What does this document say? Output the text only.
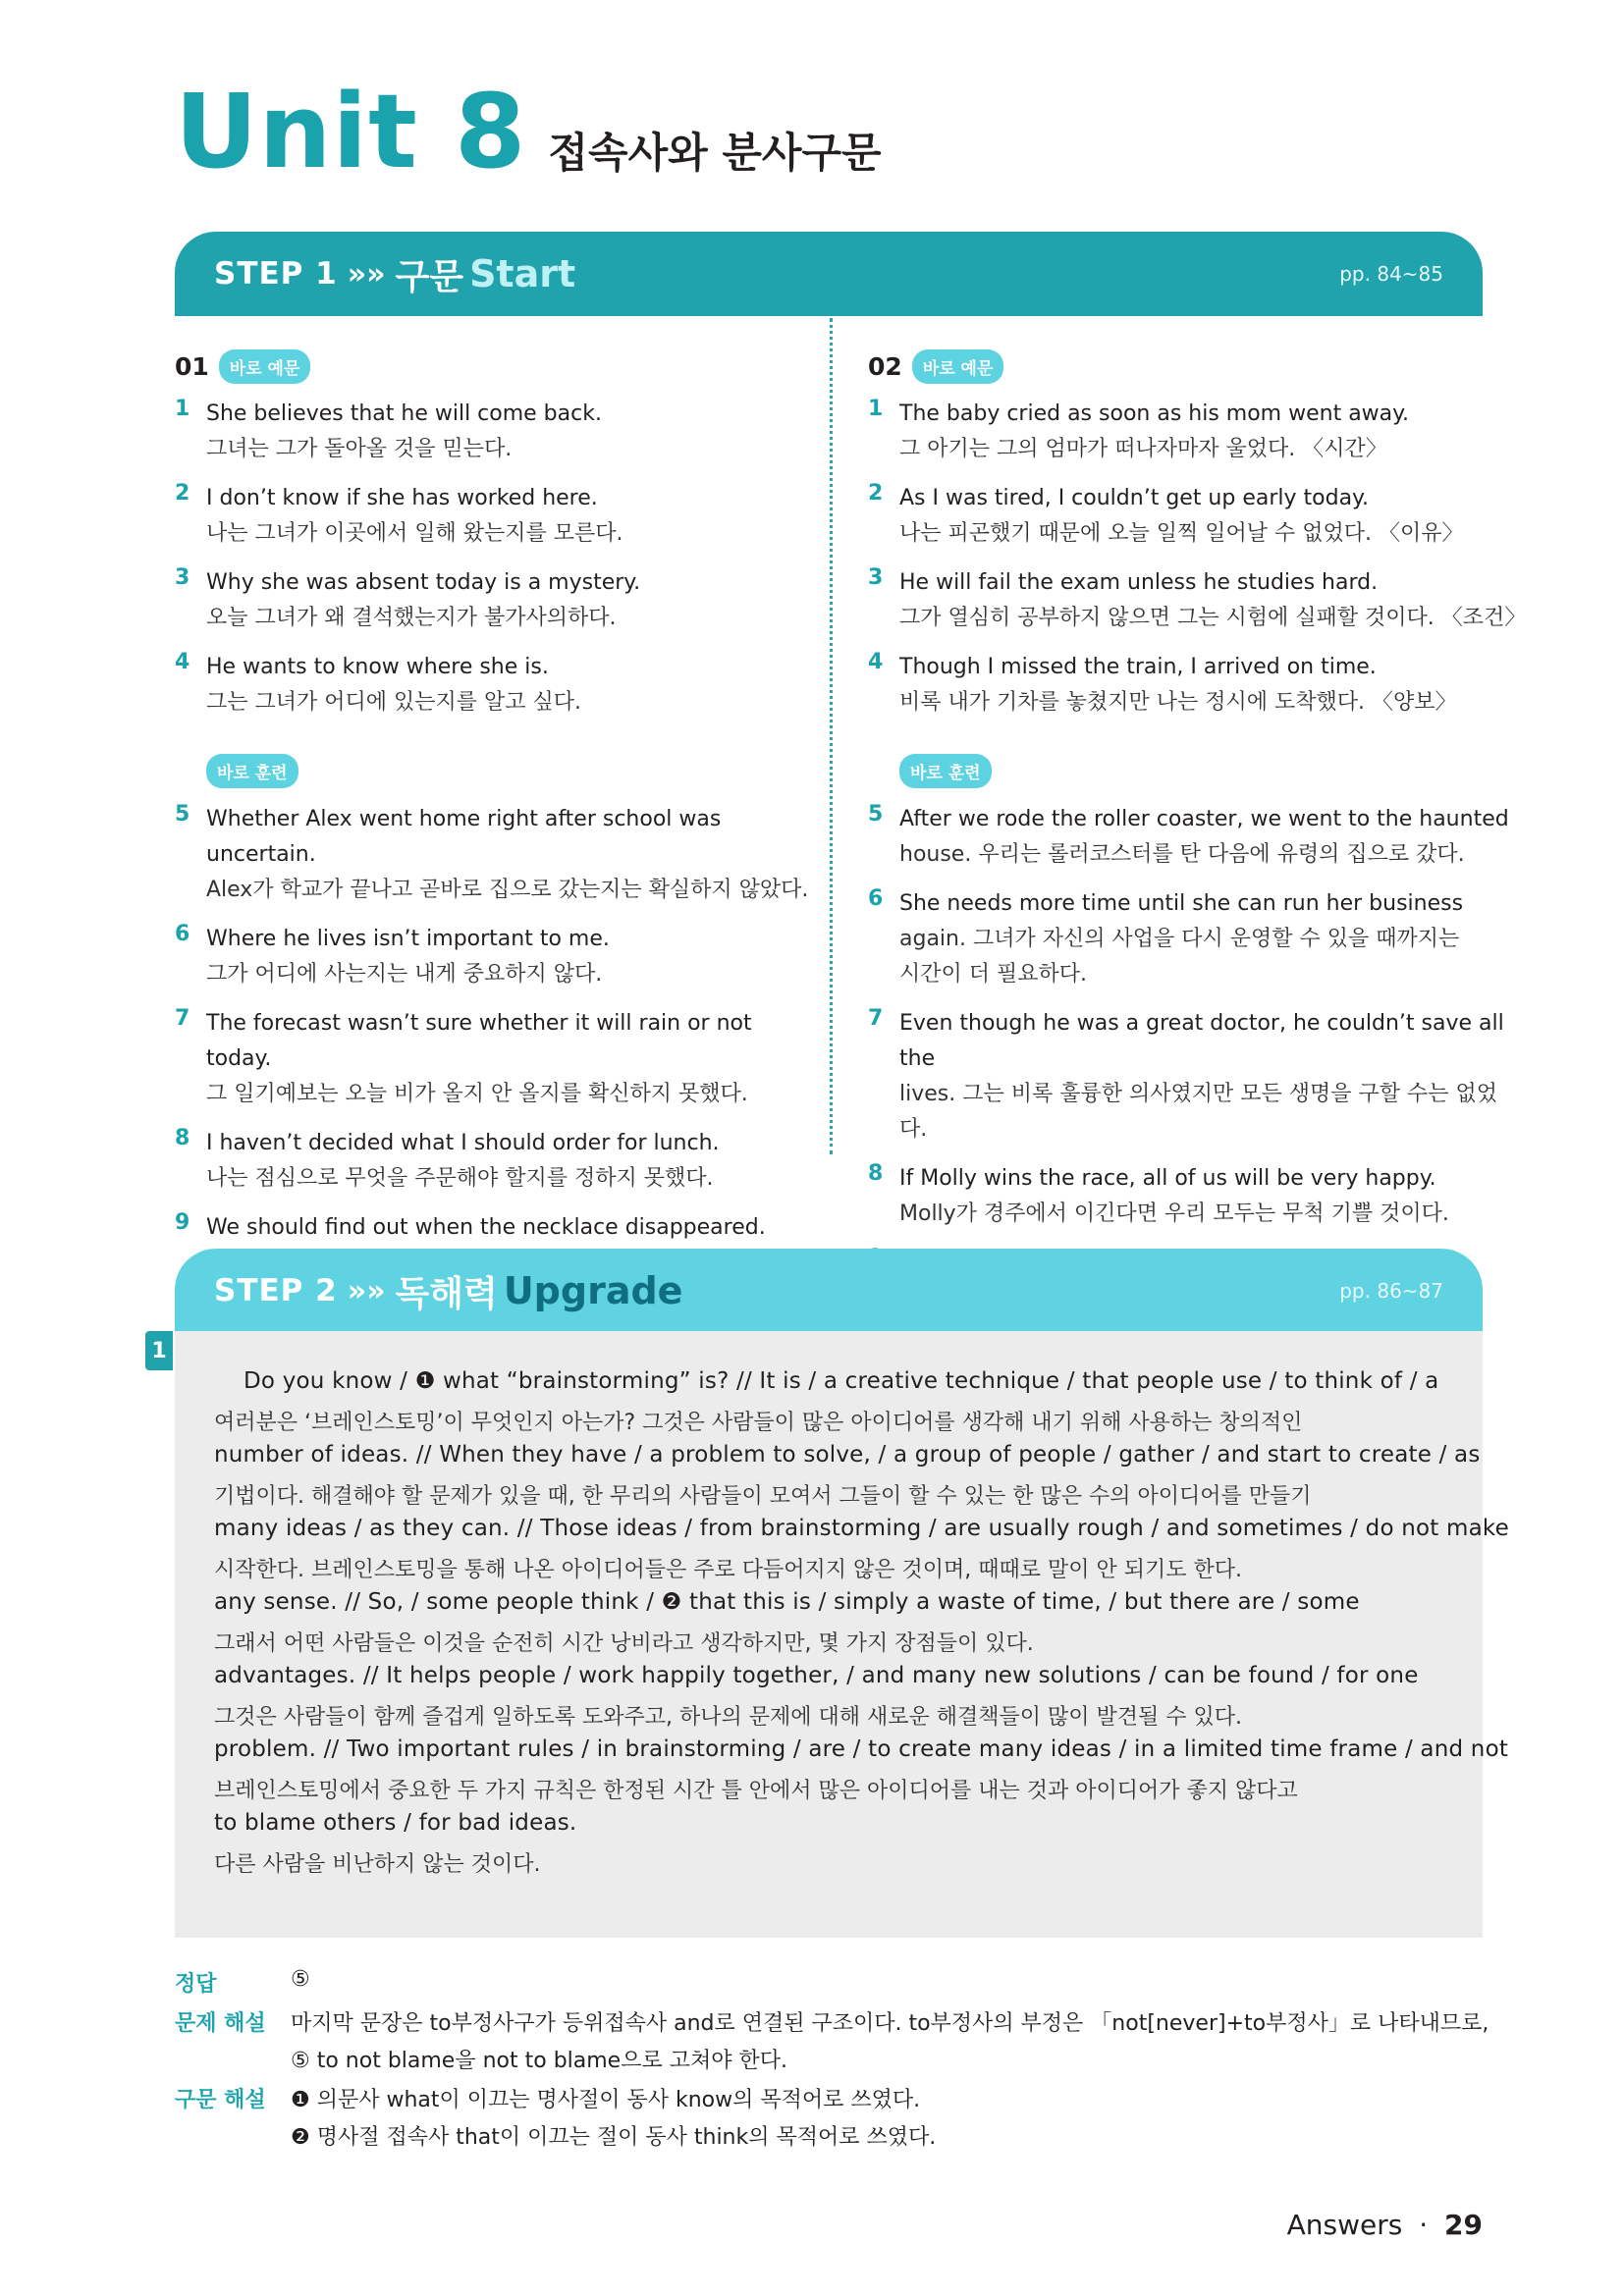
Unit 8 접속사와 분사구문
STEP 1 »» 구문 Start	pp. 84~85
01	바로 예문
1 She believes that he will come back.
그녀는 그가 돌아올 것을 믿는다.
2 I don’t know if she has worked here.
나는 그녀가 이곳에서 일해 왔는지를 모른다.
3 Why she was absent today is a mystery.
오늘 그녀가 왜 결석했는지가 불가사의하다.
4 He wants to know where she is.
그는 그녀가 어디에 있는지를 알고 싶다.
바로 훈련
5 Whether Alex went home right after school was uncertain.
Alex가 학교가 끝나고 곧바로 집으로 갔는지는 확실하지 않았다.
6 Where he lives isn’t important to me.
그가 어디에 사는지는 내게 중요하지 않다.
7 The forecast wasn’t sure whether it will rain or not today.
그 일기예보는 오늘 비가 올지 안 올지를 확신하지 못했다.
8 I haven’t decided what I should order for lunch.
나는 점심으로 무엇을 주문해야 할지를 정하지 못했다.
9 We should find out when the necklace disappeared.
02	바로 예문
1 The baby cried as soon as his mom went away.
그 아기는 그의 엄마가 떠나자마자 울었다. 〈시간〉
2 As I was tired, I couldn’t get up early today.
나는 피곤했기 때문에 오늘 일찍 일어날 수 없었다. 〈이유〉
3 He will fail the exam unless he studies hard.
그가 열심히 공부하지 않으면 그는 시험에 실패할 것이다. 〈조건〉
4 Though I missed the train, I arrived on time.
비록 내가 기차를 놓쳤지만 나는 정시에 도착했다. 〈양보〉
바로 훈련
5 After we rode the roller coaster, we went to the haunted
house. 우리는 롤러코스터를 탄 다음에 유령의 집으로 갔다.
6 She needs more time until she can run her business
again. 그녀가 자신의 사업을 다시 운영할 수 있을 때까지는
시간이 더 필요하다.
7 Even though he was a great doctor, he couldn’t save all the
lives. 그는 비록 훌륭한 의사였지만 모든 생명을 구할 수는 없었다.
8 If Molly wins the race, all of us will be very happy.
Molly가 경주에서 이긴다면 우리 모두는 무척 기쁠 것이다.
STEP 2 »» 독해력 Upgrade	pp. 86~87
1
Do you know / ❶ what “brainstorming” is? // It is / a creative technique / that people use / to think of / a
여러분은 ‘브레인스토밍’이 무엇인지 아는가? 그것은 사람들이 많은 아이디어를 생각해 내기 위해 사용하는 창의적인
number of ideas. // When they have / a problem to solve, / a group of people / gather / and start to create / as
기법이다. 해결해야 할 문제가 있을 때, 한 무리의 사람들이 모여서 그들이 할 수 있는 한 많은 수의 아이디어를 만들기
many ideas / as they can. // Those ideas / from brainstorming / are usually rough / and sometimes / do not make
시작한다. 브레인스토밍을 통해 나온 아이디어들은 주로 다듬어지지 않은 것이며, 때때로 말이 안 되기도 한다.
any sense. // So, / some people think / ❷ that this is / simply a waste of time, / but there are / some
그래서 어떤 사람들은 이것을 순전히 시간 낭비라고 생각하지만, 몇 가지 장점들이 있다.
advantages. // It helps people / work happily together, / and many new solutions / can be found / for one
그것은 사람들이 함께 즐겁게 일하도록 도와주고, 하나의 문제에 대해 새로운 해결책들이 많이 발견될 수 있다.
problem. // Two important rules / in brainstorming / are / to create many ideas / in a limited time frame / and not
브레인스토밍에서 중요한 두 가지 규칙은 한정된 시간 틀 안에서 많은 아이디어를 내는 것과 아이디어가 좋지 않다고
to blame others / for bad ideas.
다른 사람을 비난하지 않는 것이다.
정답	⑤
문제 해설 마지막 문장은 to부정사구가 등위접속사 and로 연결된 구조이다. to부정사의 부정은 「not[never]+to부정사」로 나타내므로,
⑤ to not blame을 not to blame으로 고쳐야 한다.
구문 해설 ❶ 의문사 what이 이끄는 명사절이 동사 know의 목적어로 쓰였다.
❷ 명사절 접속사 that이 이끄는 절이 동사 think의 목적어로 쓰였다.
Answers · 29
